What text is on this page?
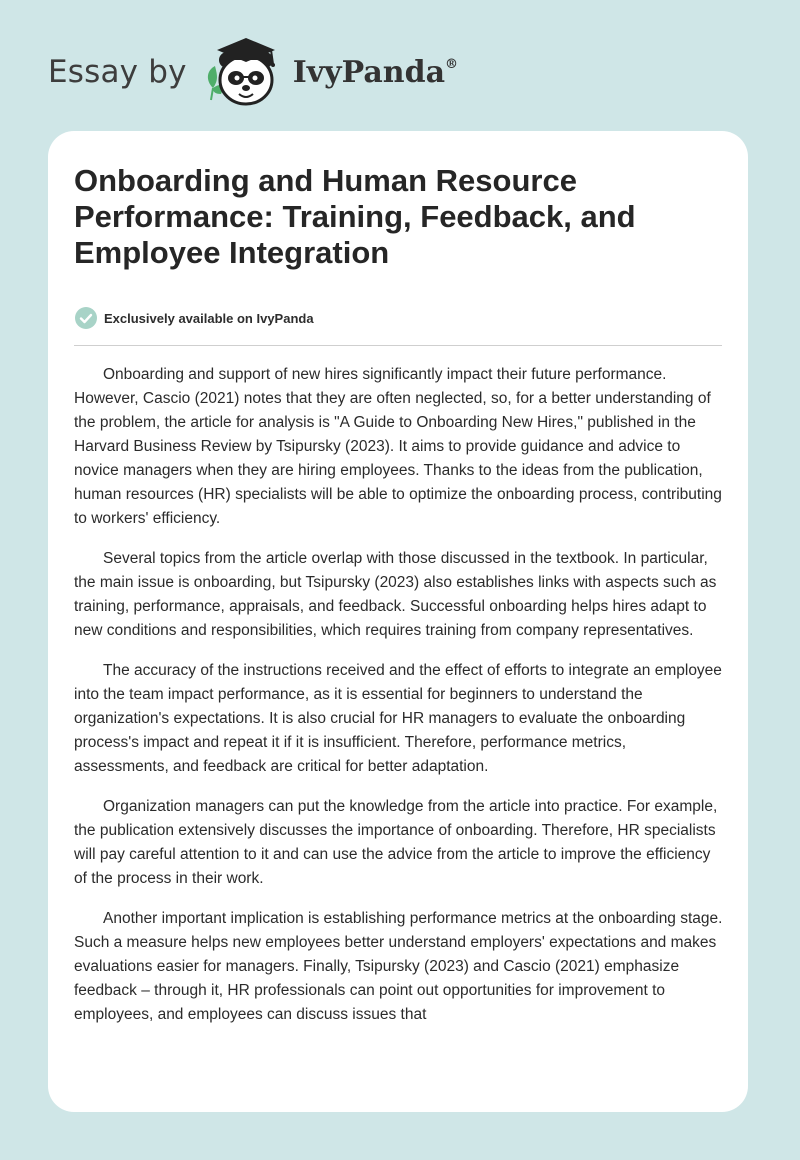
Essay by	IvyPanda®
Onboarding and Human Resource Performance: Training, Feedback, and Employee Integration
Exclusively available on IvyPanda

Onboarding and support of new hires significantly impact their future performance. However, Cascio (2021) notes that they are often neglected, so, for a better understanding of the problem, the article for analysis is "A Guide to Onboarding New Hires," published in the Harvard Business Review by Tsipursky (2023). It aims to provide guidance and advice to novice managers when they are hiring employees. Thanks to the ideas from the publication, human resources (HR) specialists will be able to optimize the onboarding process, contributing to workers' efficiency.

Several topics from the article overlap with those discussed in the textbook. In particular, the main issue is onboarding, but Tsipursky (2023) also establishes links with aspects such as training, performance, appraisals, and feedback. Successful onboarding helps hires adapt to new conditions and responsibilities, which requires training from company representatives.

The accuracy of the instructions received and the effect of efforts to integrate an employee into the team impact performance, as it is essential for beginners to understand the organization's expectations. It is also crucial for HR managers to evaluate the onboarding process's impact and repeat it if it is insufficient. Therefore, performance metrics, assessments, and feedback are critical for better adaptation.

Organization managers can put the knowledge from the article into practice. For example, the publication extensively discusses the importance of onboarding. Therefore, HR specialists will pay careful attention to it and can use the advice from the article to improve the efficiency of the process in their work.

Another important implication is establishing performance metrics at the onboarding stage. Such a measure helps new employees better understand employers' expectations and makes evaluations easier for managers. Finally, Tsipursky (2023) and Cascio (2021) emphasize feedback – through it, HR professionals can point out opportunities for improvement to employees, and employees can discuss issues that
